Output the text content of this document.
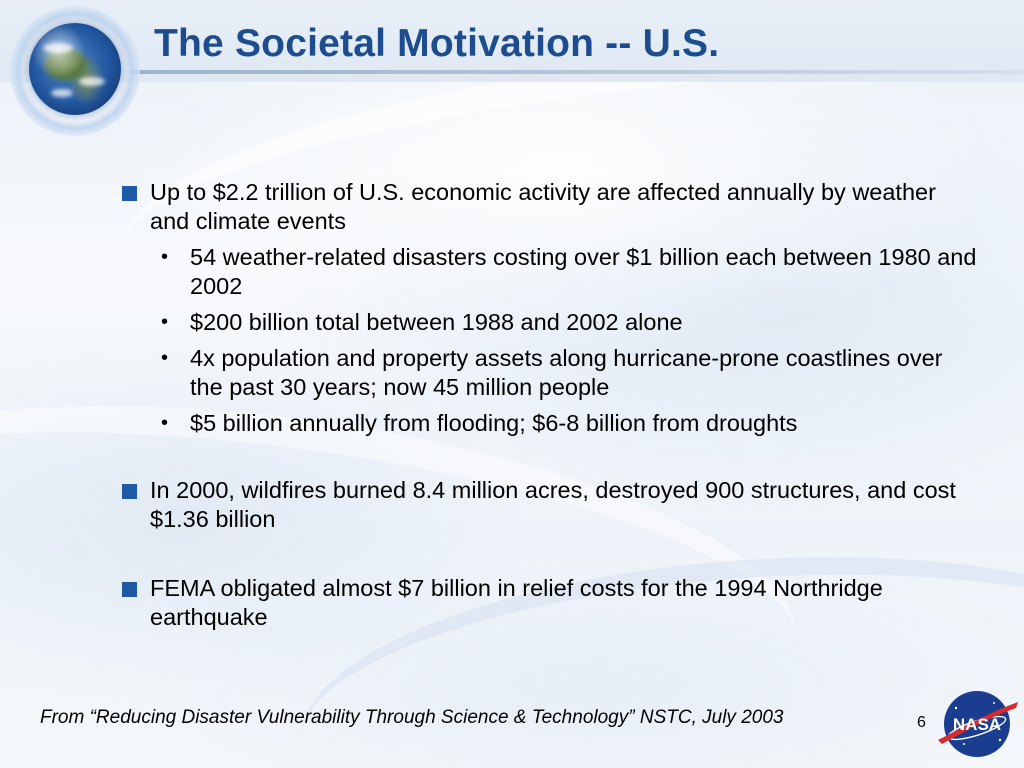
The Societal Motivation -- U.S.
Up to $2.2 trillion of U.S. economic activity are affected annually by weather and climate events
• 54 weather-related disasters costing over $1 billion each between 1980 and 2002
• $200 billion total between 1988 and 2002 alone
• 4x population and property assets along hurricane-prone coastlines over the past 30 years; now 45 million people
• $5 billion annually from flooding; $6-8 billion from droughts
In 2000, wildfires burned 8.4 million acres, destroyed 900 structures, and cost $1.36 billion
FEMA obligated almost $7 billion in relief costs for the 1994 Northridge earthquake
From “Reducing Disaster Vulnerability Through Science & Technology” NSTC, July 2003	6 NASA
